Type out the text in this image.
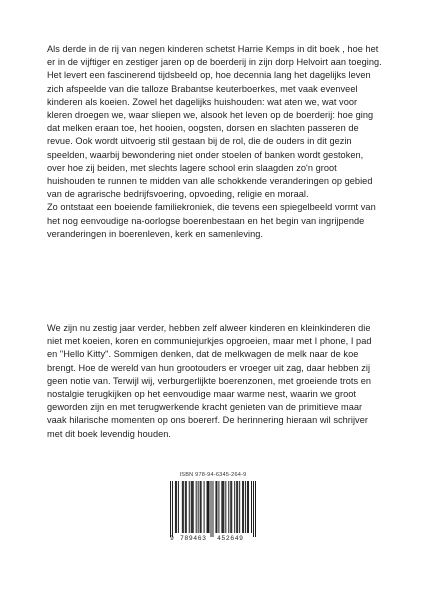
Als derde in de rij van negen kinderen schetst Harrie Kemps in dit boek , hoe het er in de vijftiger en zestiger jaren op de boerderij in zijn dorp Helvoirt aan toeging. Het levert een fascinerend tijdsbeeld op, hoe decennia lang het dagelijks leven zich afspeelde van die talloze Brabantse keuterboerkes, met vaak evenveel kinderen als koeien. Zowel het dagelijks huishouden: wat aten we, wat voor kleren droegen we, waar sliepen we, alsook het leven op de boerderij: hoe ging dat melken eraan toe, het hooien, oogsten, dorsen en slachten passeren de revue. Ook wordt uitvoerig stil gestaan bij de rol, die de ouders in dit gezin speelden, waarbij bewondering niet onder stoelen of banken wordt gestoken, over hoe zij beiden, met slechts lagere school erin slaagden zo'n groot huishouden te runnen te midden van alle schokkende veranderingen op gebied van de agrarische bedrijfsvoering, opvoeding, religie en moraal.

Zo ontstaat een boeiende familiekroniek, die tevens een spiegelbeeld vormt van het nog eenvoudige na-oorlogse boerenbestaan en het begin van ingrijpende veranderingen in boerenleven, kerk en samenleving.

We zijn nu zestig jaar verder, hebben zelf alweer kinderen en kleinkinderen die niet met koeien, koren en communiejurkjes opgroeien, maar met I phone, I pad en "Hello Kitty". Sommigen denken, dat de melkwagen de melk naar de koe brengt. Hoe de wereld van hun grootouders er vroeger uit zag, daar hebben zij geen notie van. Terwijl wij, verburgerlijkte boerenzonen, met groeiende trots en nostalgie terugkijken op het eenvoudige maar warme nest, waarin we groot geworden zijn en met terugwerkende kracht genieten van de primitieve maar vaak hilarische momenten op ons boererf. De herinnering hieraan wil schrijver met dit boek levendig houden.

ISBN 978-94-6345-264-9
9 789463 452649
